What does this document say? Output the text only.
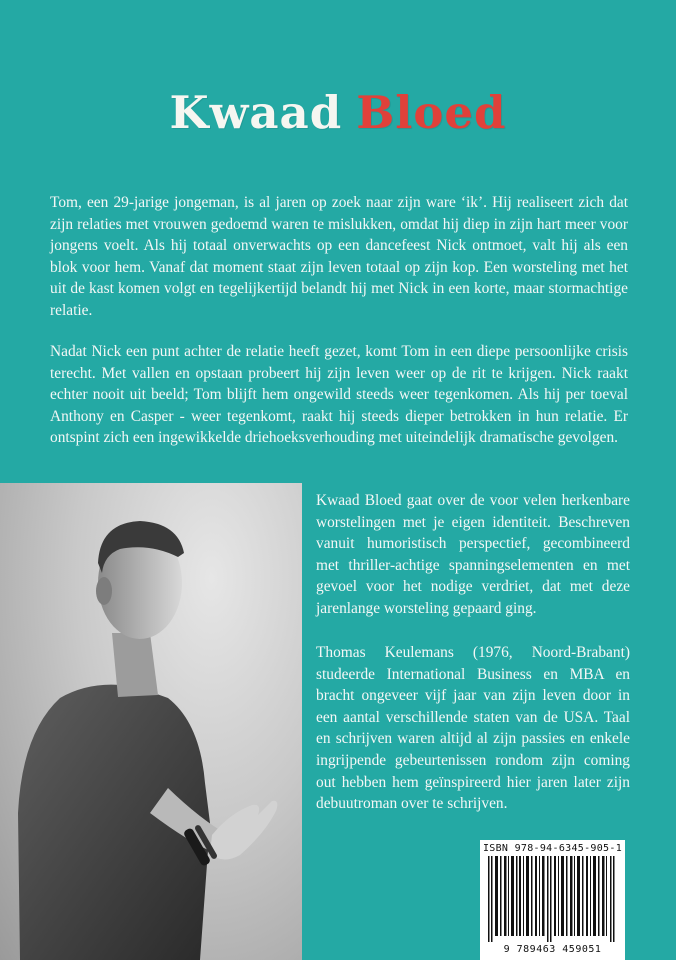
Kwaad Bloed

Tom, een 29-jarige jongeman, is al jaren op zoek naar zijn ware ‘ik’. Hij realiseert zich dat zijn relaties met vrouwen gedoemd waren te mislukken, omdat hij diep in zijn hart meer voor jongens voelt. Als hij totaal onverwachts op een dancefeest Nick ontmoet, valt hij als een blok voor hem. Vanaf dat moment staat zijn leven totaal op zijn kop. Een worsteling met het uit de kast komen volgt en tegelijkertijd belandt hij met Nick in een korte, maar stormachtige relatie.

Nadat Nick een punt achter de relatie heeft gezet, komt Tom in een diepe persoonlijke crisis terecht. Met vallen en opstaan probeert hij zijn leven weer op de rit te krijgen. Nick raakt echter nooit uit beeld; Tom blijft hem ongewild steeds weer tegenkomen. Als hij per toeval Anthony en Casper - weer tegenkomt, raakt hij steeds dieper betrokken in hun relatie. Er ontspint zich een ingewikkelde driehoeksverhouding met uiteindelijk dramatische gevolgen.

Kwaad Bloed gaat over de voor velen herkenbare worstelingen met je eigen identiteit. Beschreven vanuit humoristisch perspectief, gecombineerd met thriller-achtige spanningselementen en met gevoel voor het nodige verdriet, dat met deze jarenlange worsteling gepaard ging.

Thomas Keulemans (1976, Noord-Brabant) studeerde International Business en MBA en bracht ongeveer vijf jaar van zijn leven door in een aantal verschillende staten van de USA. Taal en schrijven waren altijd al zijn passies en enkele ingrijpende gebeurtenissen rondom zijn coming out hebben hem geïnspireerd hier jaren later zijn debuutroman over te schrijven.

ISBN 978-94-6345-905-1
9 789463 459051
